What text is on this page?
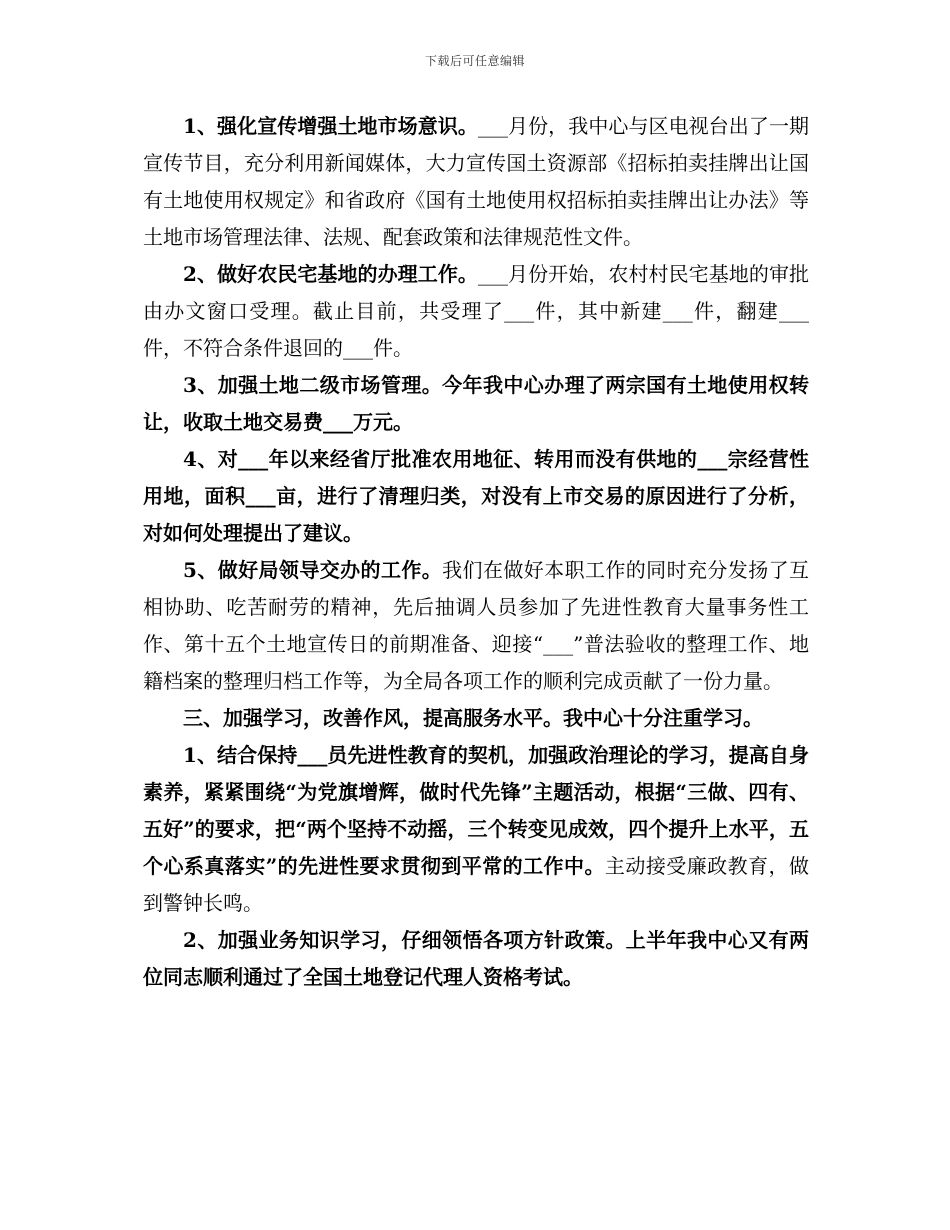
下载后可任意编辑

1、强化宣传增强土地市场意识。___月份，我中心与区电视台出了一期宣传节目，充分利用新闻媒体，大力宣传国土资源部《招标拍卖挂牌出让国有土地使用权规定》和省政府《国有土地使用权招标拍卖挂牌出让办法》等土地市场管理法律、法规、配套政策和法律规范性文件。

2、做好农民宅基地的办理工作。___月份开始，农村村民宅基地的审批由办文窗口受理。截止目前，共受理了___件，其中新建___件，翻建___件，不符合条件退回的___件。

3、加强土地二级市场管理。今年我中心办理了两宗国有土地使用权转让，收取土地交易费___万元。

4、对___年以来经省厅批准农用地征、转用而没有供地的___宗经营性用地，面积___亩，进行了清理归类，对没有上市交易的原因进行了分析，对如何处理提出了建议。

5、做好局领导交办的工作。我们在做好本职工作的同时充分发扬了互相协助、吃苦耐劳的精神，先后抽调人员参加了先进性教育大量事务性工作、第十五个土地宣传日的前期准备、迎接“___”普法验收的整理工作、地籍档案的整理归档工作等，为全局各项工作的顺利完成贡献了一份力量。

三、加强学习，改善作风，提高服务水平。我中心十分注重学习。

1、结合保持___员先进性教育的契机，加强政治理论的学习，提高自身素养，紧紧围绕“为党旗增辉，做时代先锋”主题活动，根据“三做、四有、五好”的要求，把“两个坚持不动摇，三个转变见成效，四个提升上水平，五个心系真落实”的先进性要求贯彻到平常的工作中。主动接受廉政教育，做到警钟长鸣。

2、加强业务知识学习，仔细领悟各项方针政策。上半年我中心又有两位同志顺利通过了全国土地登记代理人资格考试。
